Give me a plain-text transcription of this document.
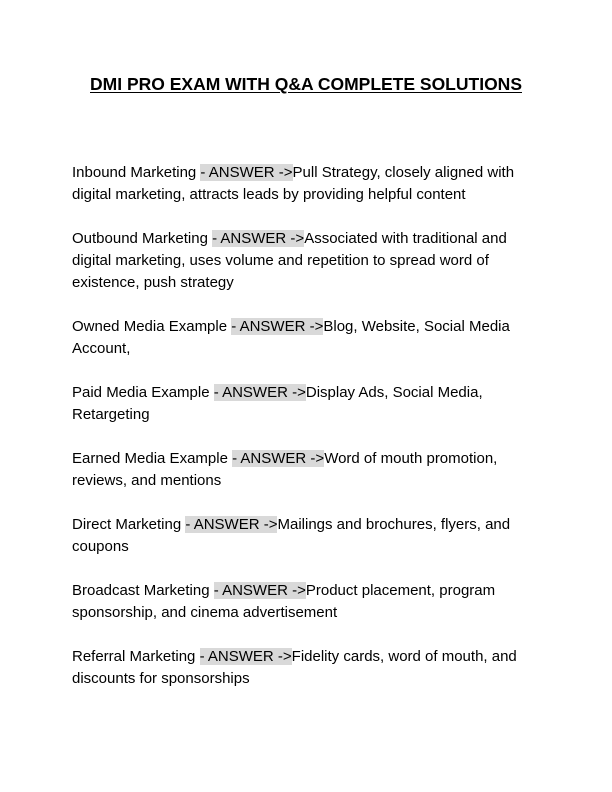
DMI PRO EXAM WITH Q&A COMPLETE SOLUTIONS

Inbound Marketing - ANSWER ->Pull Strategy, closely aligned with digital marketing, attracts leads by providing helpful content

Outbound Marketing - ANSWER ->Associated with traditional and digital marketing, uses volume and repetition to spread word of existence, push strategy

Owned Media Example - ANSWER ->Blog, Website, Social Media Account,

Paid Media Example - ANSWER ->Display Ads, Social Media, Retargeting

Earned Media Example - ANSWER ->Word of mouth promotion, reviews, and mentions

Direct Marketing - ANSWER ->Mailings and brochures, flyers, and coupons

Broadcast Marketing - ANSWER ->Product placement, program sponsorship, and cinema advertisement

Referral Marketing - ANSWER ->Fidelity cards, word of mouth, and discounts for sponsorships
